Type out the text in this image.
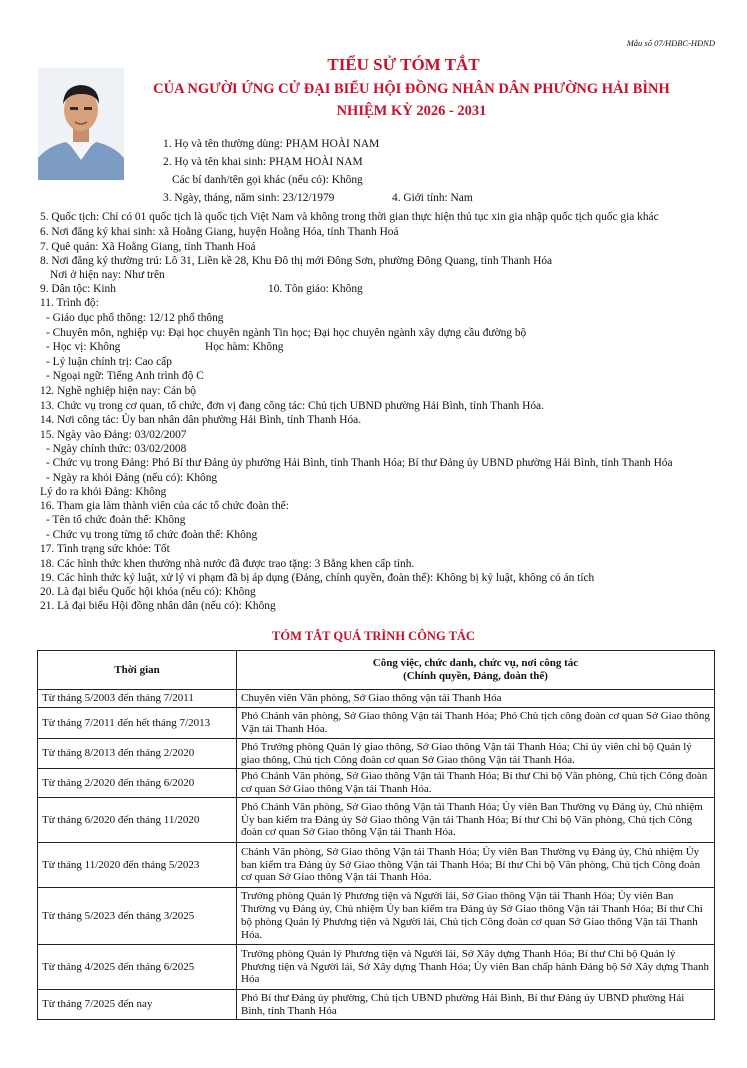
Mẫu số 07/HĐBC-HĐND
TIỂU SỬ TÓM TẮT
CỦA NGƯỜI ỨNG CỬ ĐẠI BIỂU HỘI ĐỒNG NHÂN DÂN PHƯỜNG HẢI BÌNH
NHIỆM KỲ 2026 - 2031
1. Họ và tên thường dùng: PHẠM HOÀI NAM
2. Họ và tên khai sinh: PHẠM HOÀI NAM
Các bí danh/tên gọi khác (nếu có): Không
3. Ngày, tháng, năm sinh: 23/12/1979	4. Giới tính: Nam
5. Quốc tịch: Chỉ có 01 quốc tịch là quốc tịch Việt Nam và không trong thời gian thực hiện thủ tục xin gia nhập quốc tịch quốc gia khác
6. Nơi đăng ký khai sinh: xã Hoằng Giang, huyện Hoằng Hóa, tỉnh Thanh Hoá
7. Quê quán: Xã Hoằng Giang, tỉnh Thanh Hoá
8. Nơi đăng ký thường trú: Lô 31, Liền kề 28, Khu Đô thị mới Đông Sơn, phường Đông Quang, tỉnh Thanh Hóa
Nơi ở hiện nay: Như trên
9. Dân tộc: Kinh	10. Tôn giáo: Không
11. Trình độ:
- Giáo dục phổ thông: 12/12 phổ thông
- Chuyên môn, nghiệp vụ: Đại học chuyên ngành Tin học; Đại học chuyên ngành xây dựng cầu đường bộ
- Học vị: Không	Học hàm: Không
- Lý luận chính trị: Cao cấp
- Ngoại ngữ: Tiếng Anh trình độ C
12. Nghề nghiệp hiện nay: Cán bộ
13. Chức vụ trong cơ quan, tổ chức, đơn vị đang công tác: Chủ tịch UBND phường Hải Bình, tỉnh Thanh Hóa.
14. Nơi công tác: Ủy ban nhân dân phường Hải Bình, tỉnh Thanh Hóa.
15. Ngày vào Đảng: 03/02/2007
- Ngày chính thức: 03/02/2008
- Chức vụ trong Đảng: Phó Bí thư Đảng ủy phường Hải Bình, tỉnh Thanh Hóa; Bí thư Đảng ủy UBND phường Hải Bình, tỉnh Thanh Hóa
- Ngày ra khỏi Đảng (nếu có): Không
Lý do ra khỏi Đảng: Không
16. Tham gia làm thành viên của các tổ chức đoàn thể:
- Tên tổ chức đoàn thể: Không
- Chức vụ trong từng tổ chức đoàn thể: Không
17. Tình trạng sức khỏe: Tốt
18. Các hình thức khen thưởng nhà nước đã được trao tặng: 3 Bằng khen cấp tỉnh.
19. Các hình thức kỷ luật, xử lý vi phạm đã bị áp dụng (Đảng, chính quyền, đoàn thể): Không bị kỷ luật, không có án tích
20. Là đại biểu Quốc hội khóa (nếu có): Không
21. Là đại biểu Hội đồng nhân dân (nếu có): Không
TÓM TẮT QUÁ TRÌNH CÔNG TÁC
Thời gian	Công việc, chức danh, chức vụ, nơi công tác
(Chính quyền, Đảng, đoàn thể)

Từ tháng 5/2003 đến tháng 7/2011	Chuyên viên Văn phòng, Sở Giao thông vận tải Thanh Hóa
Từ tháng 7/2011 đến hết tháng 7/2013	Phó Chánh văn phòng, Sở Giao thông Vận tải Thanh Hóa; Phó Chủ tịch công đoàn cơ quan Sở Giao thông Vận tải Thanh Hóa.
Từ tháng 8/2013 đến tháng 2/2020	Phó Trưởng phòng Quản lý giao thông, Sở Giao thông Vận tải Thanh Hóa; Chi ủy viên chi bộ Quản lý giao thông, Chủ tịch Công đoàn cơ quan Sở Giao thông Vận tải Thanh Hóa.
Từ tháng 2/2020 đến tháng 6/2020	Phó Chánh Văn phòng, Sở Giao thông Vận tải Thanh Hóa; Bí thư Chi bộ Văn phòng, Chủ tịch Công đoàn cơ quan Sở Giao thông Vận tải Thanh Hóa.
Từ tháng 6/2020 đến tháng 11/2020	Phó Chánh Văn phòng, Sở Giao thông Vận tải Thanh Hóa; Ủy viên Ban Thường vụ Đảng ủy, Chủ nhiệm Ủy ban kiểm tra Đảng ủy Sở Giao thông Vận tải Thanh Hóa; Bí thư Chi bộ Văn phòng, Chủ tịch Công đoàn cơ quan Sở Giao thông Vận tải Thanh Hóa.
Từ tháng 11/2020 đến tháng 5/2023	Chánh Văn phòng, Sở Giao thông Vận tải Thanh Hóa; Ủy viên Ban Thường vụ Đảng ủy, Chủ nhiệm Ủy ban kiểm tra Đảng ủy Sở Giao thông Vận tải Thanh Hóa; Bí thư Chi bộ Văn phòng, Chủ tịch Công đoàn cơ quan Sở Giao thông Vận tải Thanh Hóa.
Từ tháng 5/2023 đến tháng 3/2025	Trưởng phòng Quản lý Phương tiện và Người lái, Sở Giao thông Vận tải Thanh Hóa; Ủy viên Ban Thường vụ Đảng ủy, Chủ nhiệm Ủy ban kiểm tra Đảng ủy Sở Giao thông Vận tải Thanh Hóa; Bí thư Chi bộ phòng Quản lý Phương tiện và Người lái, Chủ tịch Công đoàn cơ quan Sở Giao thông Vận tải Thanh Hóa.
Từ tháng 4/2025 đến tháng 6/2025	Trưởng phòng Quản lý Phương tiện và Người lái, Sở Xây dựng Thanh Hóa; Bí thư Chi bộ Quản lý Phương tiện và Người lái, Sở Xây dựng Thanh Hóa; Ủy viên Ban chấp hành Đảng bộ Sở Xây dựng Thanh Hóa
Từ tháng 7/2025 đến nay	Phó Bí thư Đảng ủy phường, Chủ tịch UBND phường Hải Bình, Bí thư Đảng ủy UBND phường Hải Bình, tỉnh Thanh Hóa
